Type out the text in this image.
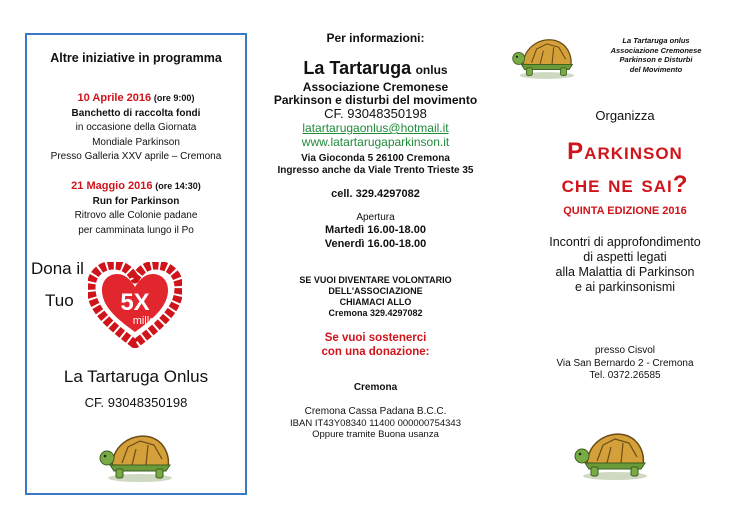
Altre iniziative in programma
10 Aprile 2016 (ore 9:00)
Banchetto di raccolta fondi
in occasione della Giornata
Mondiale Parkinson
Presso Galleria XXV aprile – Cremona
21 Maggio 2016 (ore 14:30)
Run for Parkinson
Ritrovo alle Colonie padane
per camminata lungo il Po
Dona il
Tuo 5X
mille
La Tartaruga Onlus
CF. 93048350198
Per informazioni:
La Tartaruga onlus
Associazione Cremonese
Parkinson e disturbi del movimento
CF. 93048350198
latartarugaonlus@hotmail.it
www.latartarugaparkinson.it
Via Gioconda 5 26100 Cremona
Ingresso anche da Viale Trento Trieste 35
cell. 329.4297082
Apertura
Martedì 16.00-18.00
Venerdì 16.00-18.00
SE VUOI DIVENTARE VOLONTARIO
DELL'ASSOCIAZIONE
CHIAMACI ALLO
Cremona 329.4297082
Se vuoi sostenerci
con una donazione:
Cremona
Cremona Cassa Padana B.C.C.
IBAN IT43Y08340 11400 000000754343
Oppure tramite Buona usanza
La Tartaruga onlus
Associazione Cremonese
Parkinson e Disturbi
del Movimento
Organizza
Parkinson
che ne sai?
QUINTA EDIZIONE 2016
Incontri di approfondimento
di aspetti legati
alla Malattia di Parkinson
e ai parkinsonismi
presso Cisvol
Via San Bernardo 2 - Cremona
Tel. 0372.26585
